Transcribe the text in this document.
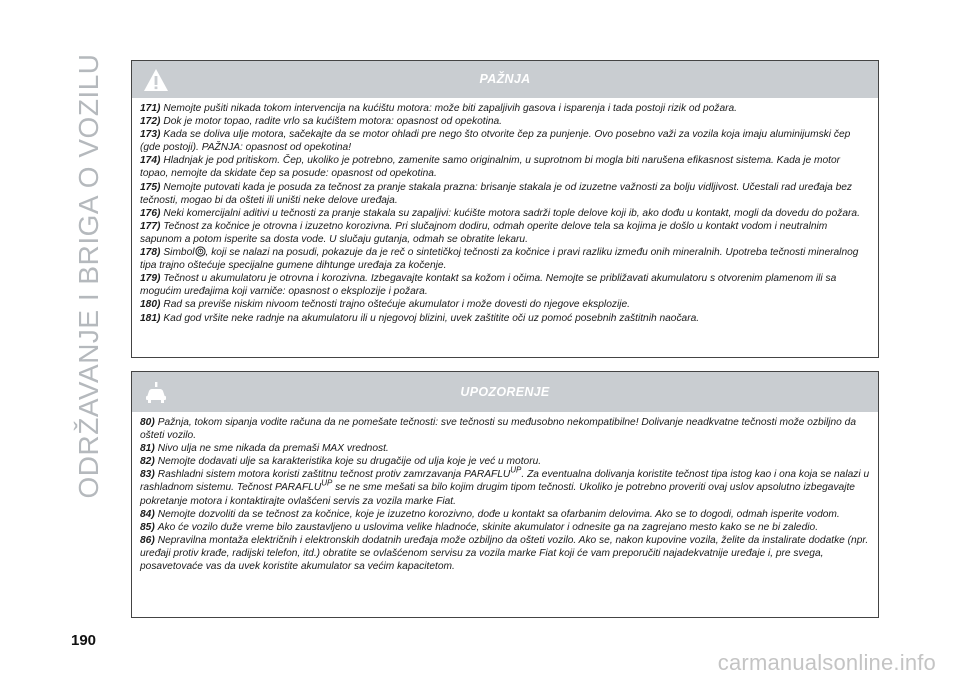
ODRŽAVANJE I BRIGA O VOZILU	PAŽNJA

171) Nemojte pušiti nikada tokom intervencija na kućištu motora: može biti zapaljivih gasova i isparenja i tada postoji rizik od požara.

172) Dok je motor topao, radite vrlo sa kućištem motora: opasnost od opekotina.

173) Kada se doliva ulje motora, sačekajte da se motor ohladi pre nego što otvorite čep za punjenje. Ovo posebno važi za vozila koja imaju aluminijumski čep (gde postoji). PAŽNJA: opasnost od opekotina!

174) Hladnjak je pod pritiskom. Čep, ukoliko je potrebno, zamenite samo originalnim, u suprotnom bi mogla biti narušena efikasnost sistema. Kada je motor topao, nemojte da skidate čep sa posude: opasnost od opekotina.

175) Nemojte putovati kada je posuda za tečnost za pranje stakala prazna: brisanje stakala je od izuzetne važnosti za bolju vidljivost. Učestali rad uređaja bez tečnosti, mogao bi da ošteti ili uništi neke delove uređaja.

176) Neki komercijalni aditivi u tečnosti za pranje stakala su zapaljivi: kućište motora sadrži tople delove koji ib, ako dođu u kontakt, mogli da dovedu do požara.

177) Tečnost za kočnice je otrovna i izuzetno korozivna. Pri slučajnom dodiru, odmah operite delove tela sa kojima je došlo u kontakt vodom i neutralnim sapunom a potom isperite sa dosta vode. U slučaju gutanja, odmah se obratite lekaru.

178) Simbol , koji se nalazi na posudi, pokazuje da je reč o sintetičkoj tečnosti za kočnice i pravi razliku između onih mineralnih. Upotreba tečnosti mineralnog tipa trajno oštećuje specijalne gumene dihtunge uređaja za kočenje.

179) Tečnost u akumulatoru je otrovna i korozivna. Izbegavajte kontakt sa kožom i očima. Nemojte se približavati akumulatoru s otvorenim plamenom ili sa mogućim uređajima koji varniče: opasnost o eksplozije i požara.

180) Rad sa previše niskim nivoom tečnosti trajno oštećuje akumulator i može dovesti do njegove eksplozije.

181) Kad god vršite neke radnje na akumulatoru ili u njegovoj blizini, uvek zaštitite oči uz pomoć posebnih zaštitnih naočara.

UPOZORENJE

80) Pažnja, tokom sipanja vodite računa da ne pomešate tečnosti: sve tečnosti su međusobno nekompatibilne! Dolivanje neadkvatne tečnosti može ozbiljno da ošteti vozilo.

81) Nivo ulja ne sme nikada da premaši MAX vrednost.

82) Nemojte dodavati ulje sa karakteristika koje su drugačije od ulja koje je već u motoru.

83) Rashladni sistem motora koristi zaštitnu tečnost protiv zamrzavanja $PARAFLU^{UP}$. Za eventualna dolivanja koristite tečnost tipa istog kao i ona koja se nalazi u rashladnom sistemu. Tečnost $PARAFLU^{UP}$ se ne sme mešati sa bilo kojim drugim tipom tečnosti. Ukoliko je potrebno proveriti ovaj uslov apsolutno izbegavajte pokretanje motora i kontaktirajte ovlašćeni servis za vozila marke Fiat.

84) Nemojte dozvoliti da se tečnost za kočnice, koje je izuzetno korozivno, dođe u kontakt sa ofarbanim delovima. Ako se to dogodi, odmah isperite vodom.

85) Ako će vozilo duže vreme bilo zaustavljeno u uslovima velike hladnoće, skinite akumulator i odnesite ga na zagrejano mesto kako se ne bi zaledio.

86) Nepravilna montaža električnih i elektronskih dodatnih uređaja može ozbiljno da ošteti vozilo. Ako se, nakon kupovine vozila, želite da instalirate dodatke (npr. uređaji protiv krađe, radijski telefon, itd.) obratite se ovlašćenom servisu za vozila marke Fiat koji će vam preporučiti najadekvatnije uređaje i, pre svega, posavetovaće vas da uvek koristite akumulator sa većim kapacitetom.

190
carmanualsonline.info
